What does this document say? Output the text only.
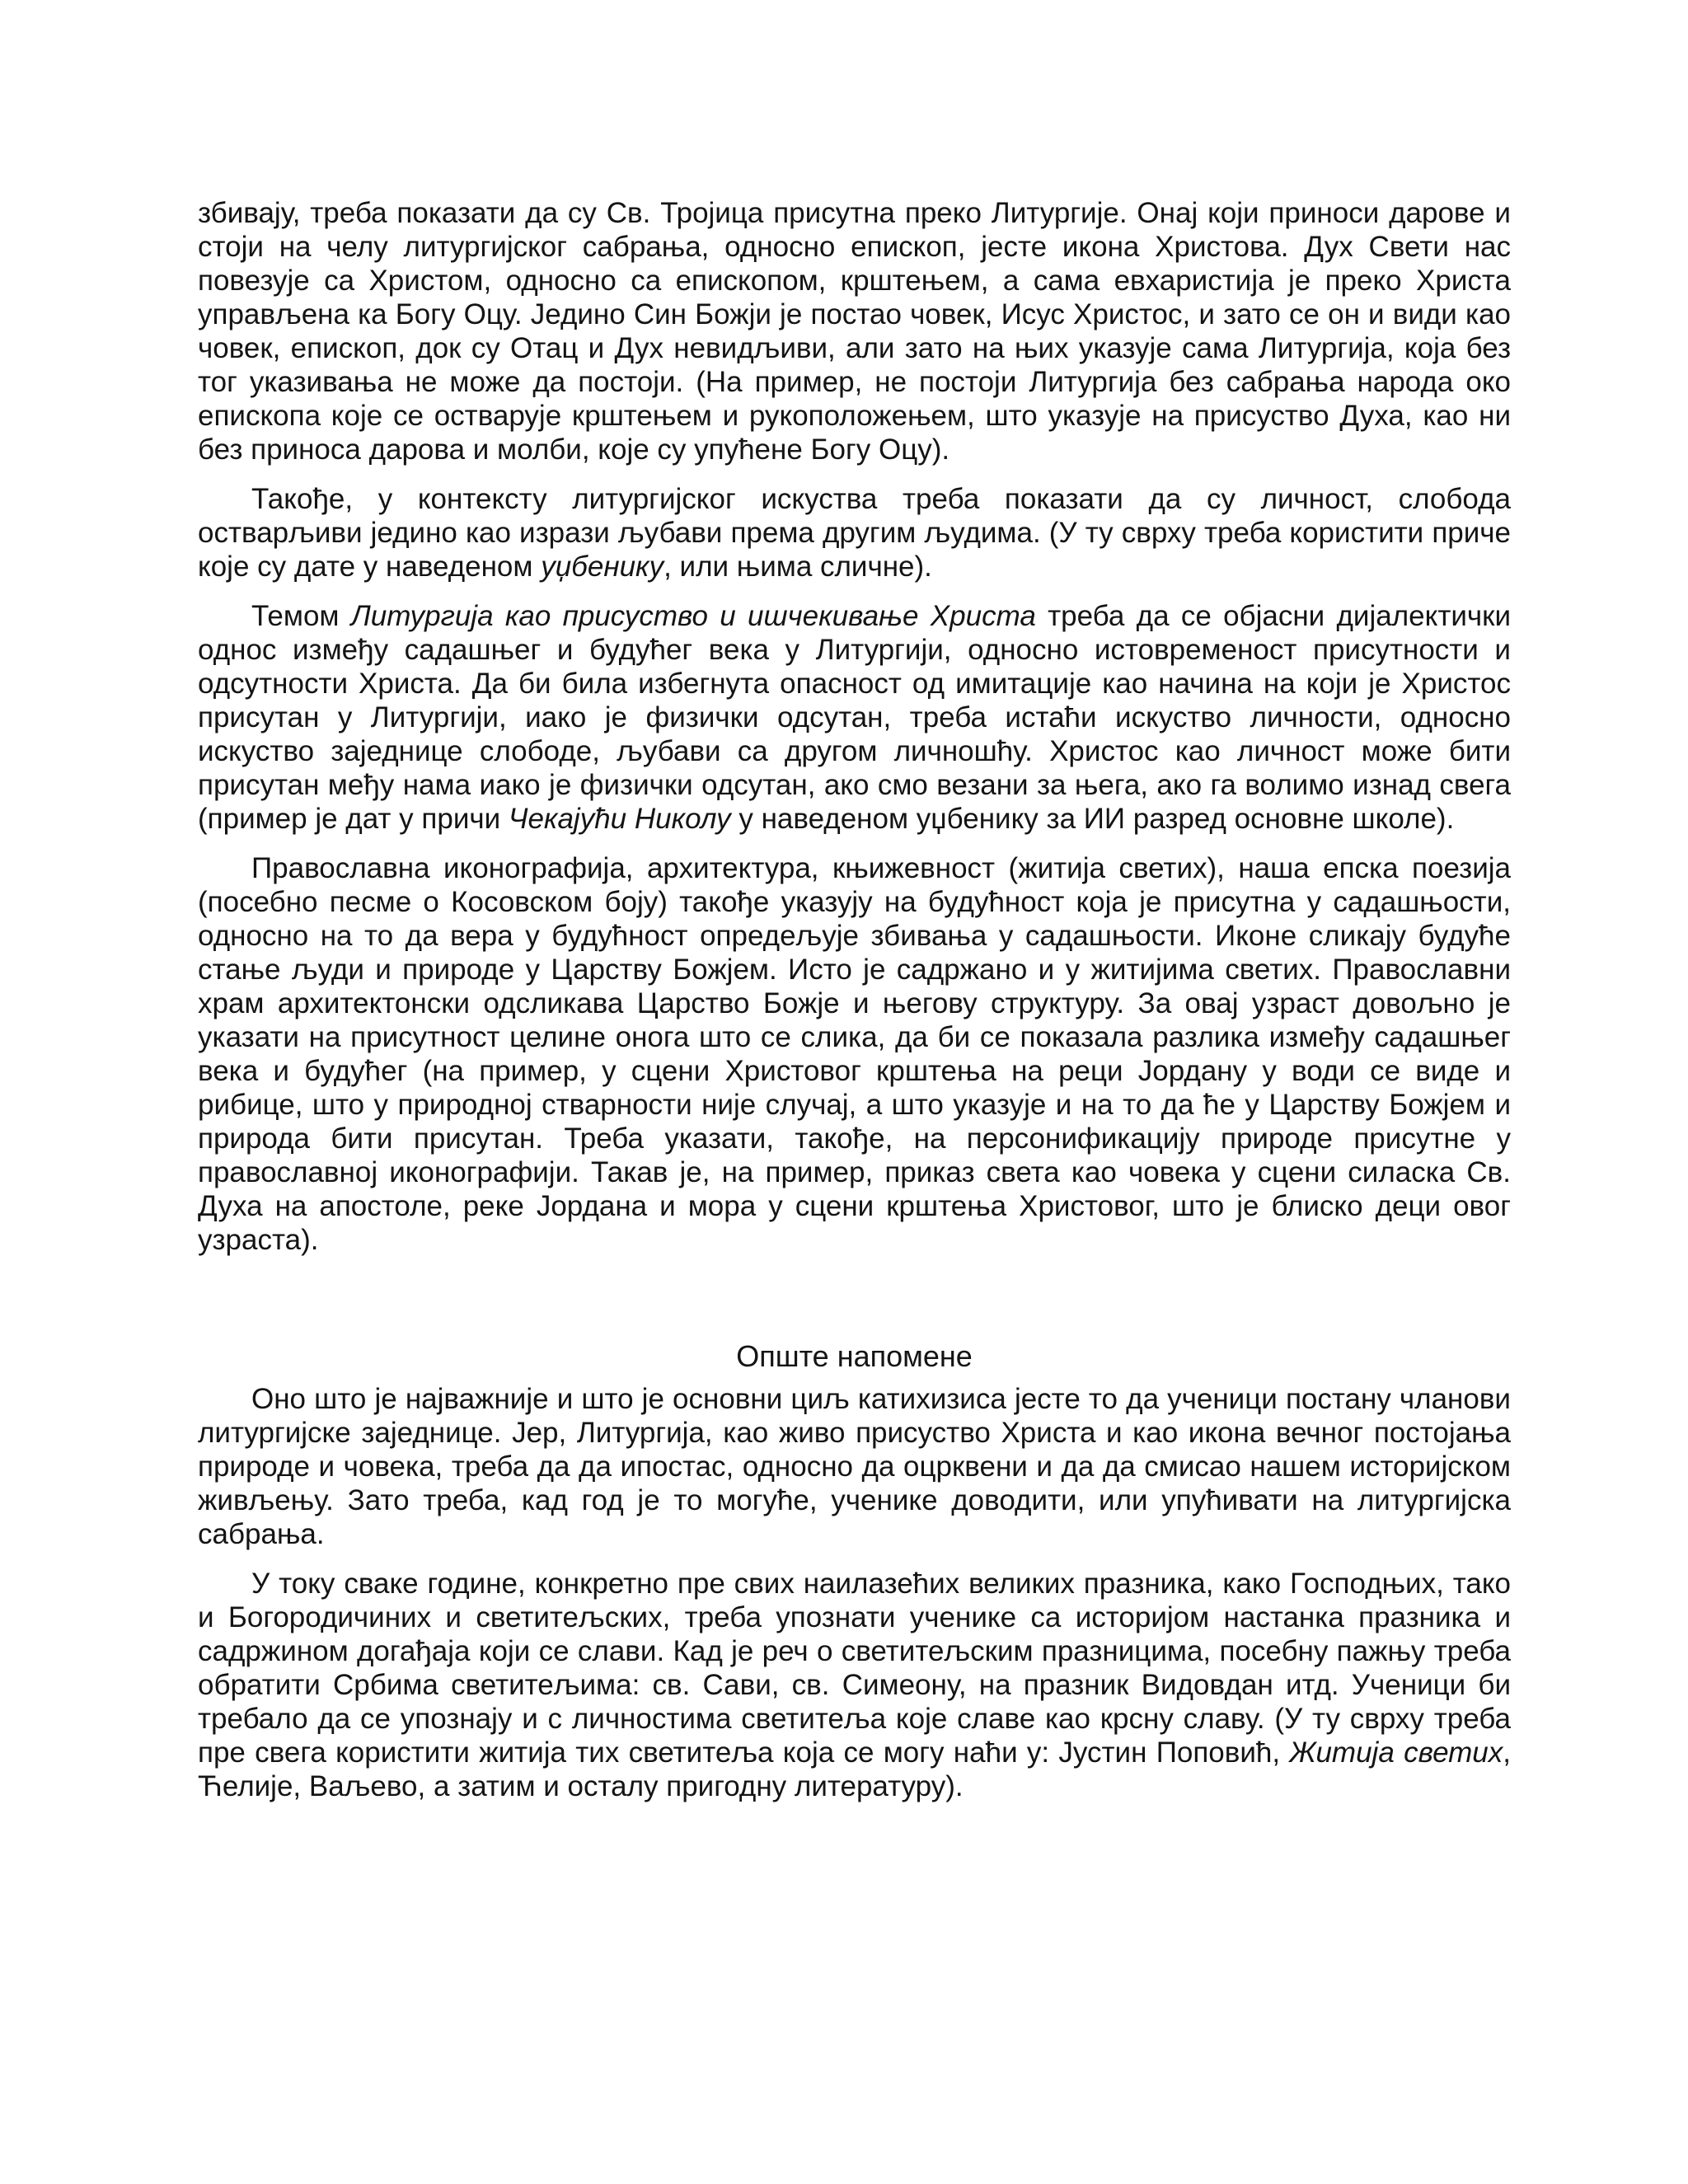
збивају, треба показати да су Св. Тројица присутна преко Литургије. Онај који приноси дарове и стоји на челу литургијског сабрања, односно епископ, јесте икона Христова. Дух Свети нас повезује са Христом, односно са епископом, крштењем, а сама евхаристија је преко Христа управљена ка Богу Оцу. Једино Син Божји је постао човек, Исус Христос, и зато се он и види као човек, епископ, док су Отац и Дух невидљиви, али зато на њих указује сама Литургија, која без тог указивања не може да постоји. (На пример, не постоји Литургија без сабрања народа око епископа које се остварује крштењем и рукоположењем, што указује на присуство Духа, као ни без приноса дарова и молби, које су упућене Богу Оцу).

Такође, у контексту литургијског искуства треба показати да су личност, слобода остварљиви једино као изрази љубави према другим људима. (У ту сврху треба користити приче које су дате у наведеном уџбенику, или њима сличне).

Темом Литургија као присуство и ишчекивање Христа треба да се објасни дијалектички однос између садашњег и будућег века у Литургији, односно истовременост присутности и одсутности Христа. Да би била избегнута опасност од имитације као начина на који је Христос присутан у Литургији, иако је физички одсутан, треба истаћи искуство личности, односно искуство заједнице слободе, љубави са другом личношћу. Христос као личност може бити присутан међу нама иако је физички одсутан, ако смо везани за њега, ако га волимо изнад свега (пример је дат у причи Чекајући Николу у наведеном уџбенику за ИИ разред основне школе).

Православна иконографија, архитектура, књижевност (житија светих), наша епска поезија (посебно песме о Косовском боју) такође указују на будућност која је присутна у садашњости, односно на то да вера у будућност опредељује збивања у садашњости. Иконе сликају будуће стање људи и природе у Царству Божјем. Исто је садржано и у житијима светих. Православни храм архитектонски одсликава Царство Божје и његову структуру. За овај узраст довољно је указати на присутност целине онога што се слика, да би се показала разлика између садашњег века и будућег (на пример, у сцени Христовог крштења на реци Јордану у води се виде и рибице, што у природној стварности није случај, а што указује и на то да ће у Царству Божјем и природа бити присутан. Треба указати, такође, на персонификацију природе присутне у православној иконографији. Такав је, на пример, приказ света као човека у сцени силаска Св. Духа на апостоле, реке Јордана и мора у сцени крштења Христовог, што је блиско деци овог узраста).

Опште напомене

Оно што је најважније и што је основни циљ катихизиса јесте то да ученици постану чланови литургијске заједнице. Јер, Литургија, као живо присуство Христа и као икона вечног постојања природе и човека, треба да да ипостас, односно да оцрквени и да да смисао нашем историјском живљењу. Зато треба, кад год је то могуће, ученике доводити, или упућивати на литургијска сабрања.

У току сваке године, конкретно пре свих наилазећих великих празника, како Господњих, тако и Богородичиних и светитељских, треба упознати ученике са историјом настанка празника и садржином догађаја који се слави. Кад је реч о светитељским празницима, посебну пажњу треба обратити Србима светитељима: св. Сави, св. Симеону, на празник Видовдан итд. Ученици би требало да се упознају и с личностима светитеља које славе као крсну славу. (У ту сврху треба пре свега користити житија тих светитеља која се могу наћи у: Јустин Поповић, Житија светих, Ћелије, Ваљево, а затим и осталу пригодну литературу).
